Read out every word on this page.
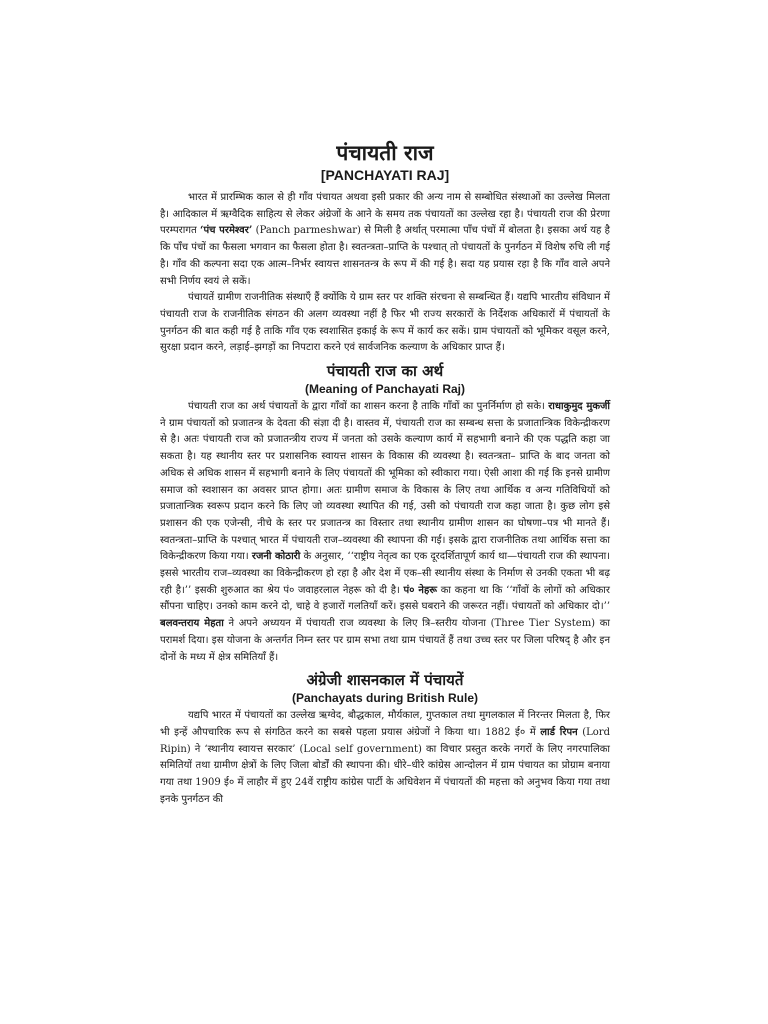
पंचायती राज
[PANCHAYATI RAJ]

भारत में प्रारम्भिक काल से ही गाँव पंचायत अथवा इसी प्रकार की अन्य नाम से सम्बोधित संस्थाओं का उल्लेख मिलता है। आदिकाल में ऋग्वैदिक साहित्य से लेकर अंग्रेजों के आने के समय तक पंचायतों का उल्लेख रहा है। पंचायती राज की प्रेरणा परम्परागत ‘पंच परमेश्वर’ (Panch parmeshwar) से मिली है अर्थात् परमात्मा पाँच पंचों में बोलता है। इसका अर्थ यह है कि पाँच पंचों का फैसला भगवान का फैसला होता है। स्वतन्त्रता–प्राप्ति के पश्चात् तो पंचायतों के पुनर्गठन में विशेष रुचि ली गई है। गाँव की कल्पना सदा एक आत्म–निर्भर स्वायत्त शासनतन्त्र के रूप में की गई है। सदा यह प्रयास रहा है कि गाँव वाले अपने सभी निर्णय स्वयं ले सकें।

पंचायतें ग्रामीण राजनीतिक संस्थाएँ हैं क्योंकि ये ग्राम स्तर पर शक्ति संरचना से सम्बन्धित हैं। यद्यपि भारतीय संविधान में पंचायती राज के राजनीतिक संगठन की अलग व्यवस्था नहीं है फिर भी राज्य सरकारों के निर्देशक अधिकारों में पंचायतों के पुनर्गठन की बात कही गई है ताकि गाँव एक स्वशासित इकाई के रूप में कार्य कर सकें। ग्राम पंचायतों को भूमिकर वसूल करने, सुरक्षा प्रदान करने, लड़ाई–झगड़ों का निपटारा करने एवं सार्वजनिक कल्याण के अधिकार प्राप्त हैं।

पंचायती राज का अर्थ
(Meaning of Panchayati Raj)

पंचायती राज का अर्थ पंचायतों के द्वारा गाँवों का शासन करना है ताकि गाँवों का पुनर्निर्माण हो सके। राधाकुमुद मुकर्जी ने ग्राम पंचायतों को प्रजातन्त्र के देवता की संज्ञा दी है। वास्तव में, पंचायती राज का सम्बन्ध सत्ता के प्रजातान्त्रिक विकेन्द्रीकरण से है। अतः पंचायती राज को प्रजातन्त्रीय राज्य में जनता को उसके कल्याण कार्य में सहभागी बनाने की एक पद्धति कहा जा सकता है। यह स्थानीय स्तर पर प्रशासनिक स्वायत्त शासन के विकास की व्यवस्था है। स्वतन्त्रता– प्राप्ति के बाद जनता को अधिक से अधिक शासन में सहभागी बनाने के लिए पंचायतों की भूमिका को स्वीकारा गया। ऐसी आशा की गई कि इनसे ग्रामीण समाज को स्वशासन का अवसर प्राप्त होगा। अतः ग्रामीण समाज के विकास के लिए तथा आर्थिक व अन्य गतिविधियों को प्रजातान्त्रिक स्वरूप प्रदान करने कि लिए जो व्यवस्था स्थापित की गई, उसी को पंचायती राज कहा जाता है। कुछ लोग इसे प्रशासन की एक एजेन्सी, नीचे के स्तर पर प्रजातन्त्र का विस्तार तथा स्थानीय ग्रामीण शासन का घोषणा–पत्र भी मानते हैं। स्वतन्त्रता–प्राप्ति के पश्चात् भारत में पंचायती राज–व्यवस्था की स्थापना की गई। इसके द्वारा राजनीतिक तथा आर्थिक सत्ता का विकेन्द्रीकरण किया गया। रजनी कोठारी के अनुसार, ‘‘राष्ट्रीय नेतृत्व का एक दूरदर्शितापूर्ण कार्य था—पंचायती राज की स्थापना। इससे भारतीय राज–व्यवस्था का विकेन्द्रीकरण हो रहा है और देश में एक–सी स्थानीय संस्था के निर्माण से उनकी एकता भी बढ़ रही है।’’ इसकी शुरुआत का श्रेय पं० जवाहरलाल नेहरू को दी है। पं० नेहरू का कहना था कि ‘‘गाँवों के लोगों को अधिकार सौंपना चाहिए। उनको काम करने दो, चाहे वे हजारों गलतियाँ करें। इससे घबराने की जरूरत नहीं। पंचायतों को अधिकार दो।’’ बलवन्तराय मेहता ने अपने अध्ययन में पंचायती राज व्यवस्था के लिए त्रि–स्तरीय योजना (Three Tier System) का परामर्श दिया। इस योजना के अन्तर्गत निम्न स्तर पर ग्राम सभा तथा ग्राम पंचायतें हैं तथा उच्च स्तर पर जिला परिषद् है और इन दोनों के मध्य में क्षेत्र समितियाँ हैं।

अंग्रेजी शासनकाल में पंचायतें
(Panchayats during British Rule)

यद्यपि भारत में पंचायतों का उल्लेख ऋग्वेद, बौद्धकाल, मौर्यकाल, गुप्तकाल तथा मुगलकाल में निरन्तर मिलता है, फिर भी इन्हें औपचारिक रूप से संगठित करने का सबसे पहला प्रयास अंग्रेजों ने किया था। 1882 ई० में लार्ड रिपन (Lord Ripin) ने ‘स्थानीय स्वायत्त सरकार’ (Local self government) का विचार प्रस्तुत करके नगरों के लिए नगरपालिका समितियों तथा ग्रामीण क्षेत्रों के लिए जिला बोर्डों की स्थापना की। धीरे–धीरे कांग्रेस आन्दोलन में ग्राम पंचायत का प्रोग्राम बनाया गया तथा 1909 ई० में लाहौर में हुए 24वें राष्ट्रीय कांग्रेस पार्टी के अधिवेशन में पंचायतों की महत्ता को अनुभव किया गया तथा इनके पुनर्गठन की
